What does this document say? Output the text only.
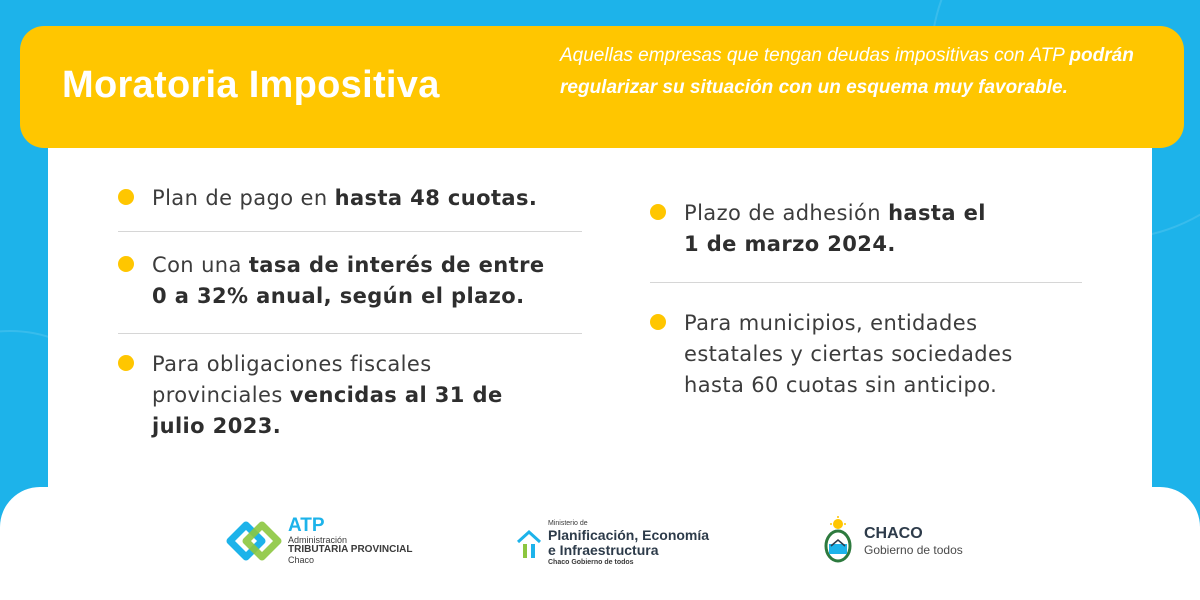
Moratoria Impositiva
Aquellas empresas que tengan deudas impositivas con ATP podrán regularizar su situación con un esquema muy favorable.
Plan de pago en hasta 48 cuotas.
Con una tasa de interés de entre 0 a 32% anual, según el plazo.
Para obligaciones fiscales provinciales vencidas al 31 de julio 2023.
Plazo de adhesión hasta el 1 de marzo 2024.
Para municipios, entidades estatales y ciertas sociedades hasta 60 cuotas sin anticipo.
ATP
Administración
TRIBUTARIA PROVINCIAL
Chaco
Ministerio de
Planificación, Economía
e Infraestructura
Chaco Gobierno de todos
CHACO
Gobierno de todos
